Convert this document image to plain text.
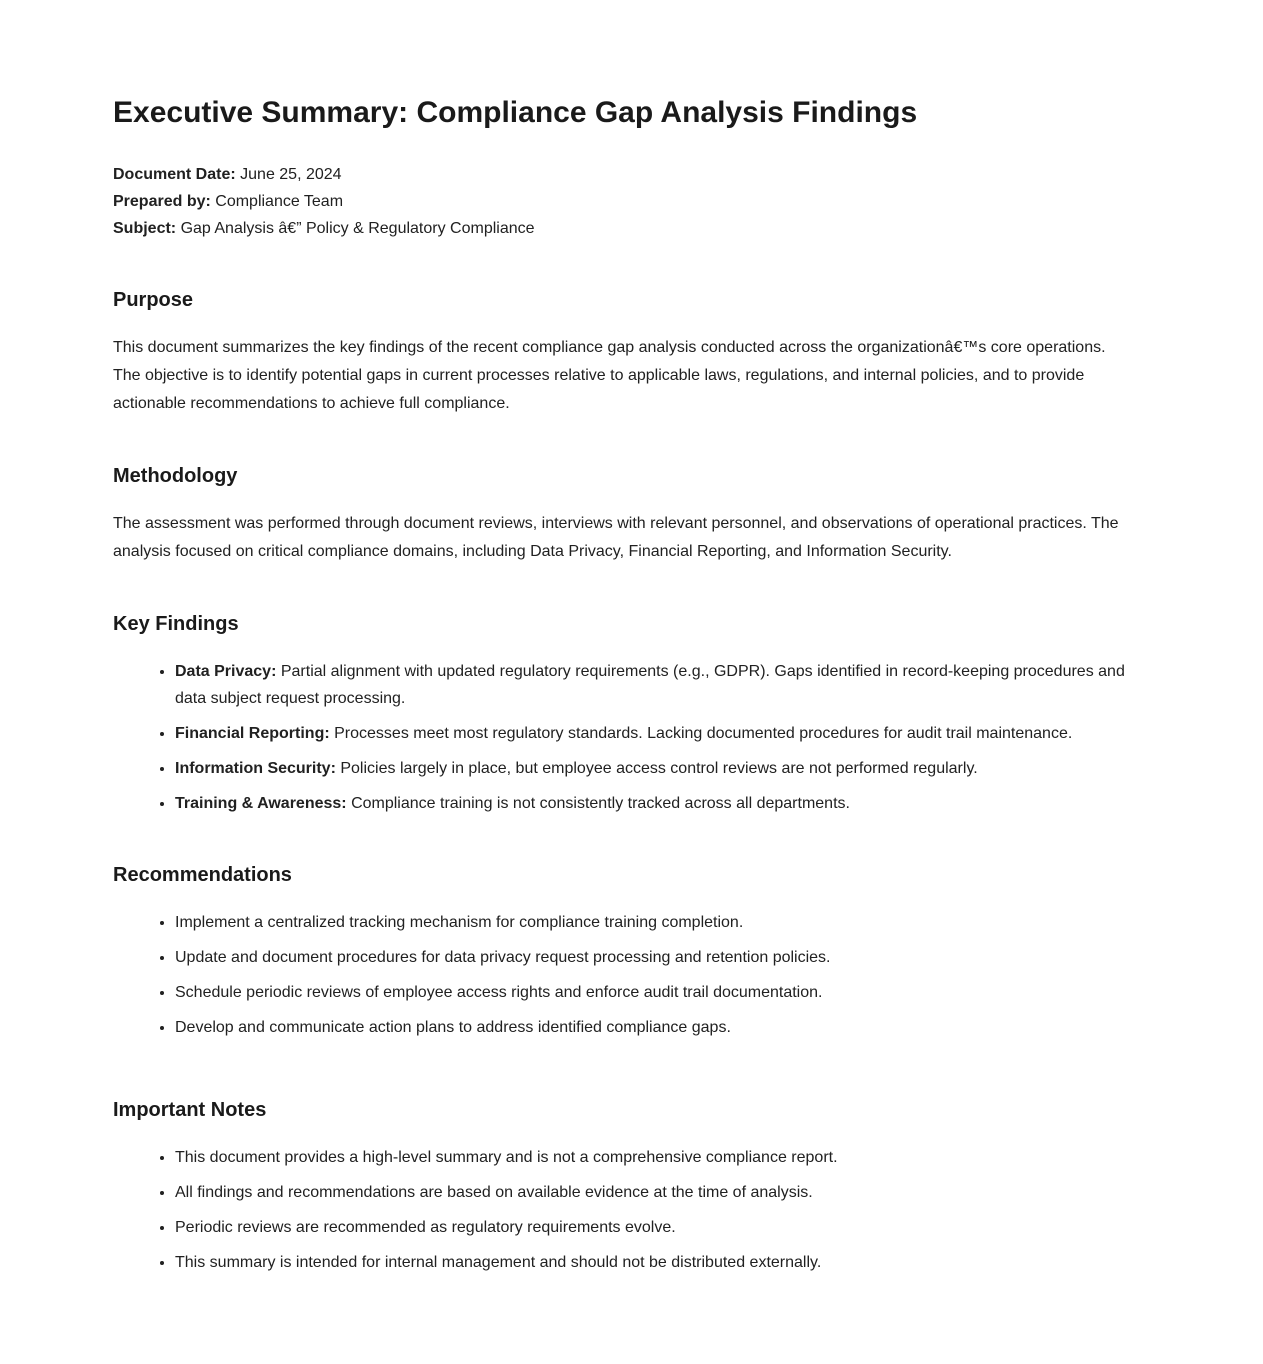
Executive Summary: Compliance Gap Analysis Findings

Document Date: June 25, 2024

Prepared by: Compliance Team

Subject: Gap Analysis â€” Policy & Regulatory Compliance

Purpose

This document summarizes the key findings of the recent compliance gap analysis conducted across the organizationâ€™s core operations. The objective is to identify potential gaps in current processes relative to applicable laws, regulations, and internal policies, and to provide actionable recommendations to achieve full compliance.

Methodology

The assessment was performed through document reviews, interviews with relevant personnel, and observations of operational practices. The analysis focused on critical compliance domains, including Data Privacy, Financial Reporting, and Information Security.

Key Findings
• Data Privacy: Partial alignment with updated regulatory requirements (e.g., GDPR). Gaps identified in record-keeping procedures and data subject request processing.
• Financial Reporting: Processes meet most regulatory standards. Lacking documented procedures for audit trail maintenance.
• Information Security: Policies largely in place, but employee access control reviews are not performed regularly.
• Training & Awareness: Compliance training is not consistently tracked across all departments.
Recommendations
• Implement a centralized tracking mechanism for compliance training completion.
• Update and document procedures for data privacy request processing and retention policies.
• Schedule periodic reviews of employee access rights and enforce audit trail documentation.
• Develop and communicate action plans to address identified compliance gaps.
Important Notes
• This document provides a high-level summary and is not a comprehensive compliance report.
• All findings and recommendations are based on available evidence at the time of analysis.
• Periodic reviews are recommended as regulatory requirements evolve.
• This summary is intended for internal management and should not be distributed externally.
